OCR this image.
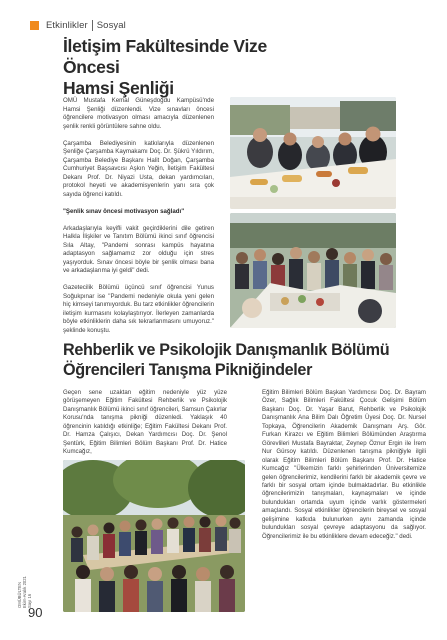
Etkinlikler Sosyal
İletişim Fakültesinde Vize Öncesi
Hamsi Şenliği

OMÜ Mustafa Kemal Güneşdoğdu Kampüsü'nde Hamsi Şenliği düzenlendi. Vize sınavları öncesi öğrencilere motivasyon olması amacıyla düzenlenen şenlik renkli görüntülere sahne oldu.

Çarşamba Belediyesinin katkılarıyla düzenlenen Şenliğe Çarşamba Kaymakamı Doç. Dr. Şükrü Yıldırım, Çarşamba Belediye Başkanı Halit Doğan, Çarşamba Cumhuriyet Başsavcısı Aşkın Yeğin, İletişim Fakültesi Dekanı Prof. Dr. Niyazi Usta, dekan yardımcıları, protokol heyeti ve akademisyenlerin yanı sıra çok sayıda öğrenci katıldı.

"Şenlik sınav öncesi motivasyon sağladı"

Arkadaşlarıyla keyifli vakit geçirdiklerini dile getiren Halkla İlişkiler ve Tanıtım Bölümü ikinci sınıf öğrencisi Sıla Altay, "Pandemi sonrası kampüs hayatına adaptasyon sağlamamız zor olduğu için stres yaşıyorduk. Sınav öncesi böyle bir şenlik olması bana ve arkadaşlarıma iyi geldi" dedi.

Gazetecilik Bölümü üçüncü sınıf öğrencisi Yunus Soğukpınar ise "Pandemi nedeniyle okula yeni gelen hiç kimseyi tanımıyorduk. Bu tarz etkinlikler öğrencilerin iletişim kurmasını kolaylaştırıyor. İlerleyen zamanlarda böyle etkinliklerin daha sık tekrarlanmasını umuyoruz." şeklinde konuştu.

Rehberlik ve Psikolojik Danışmanlık Bölümü
Öğrencileri Tanışma Pikniğindeler
Geçen sene uzaktan eğitim nedeniyle yüz yüze görüşemeyen Eğitim Fakültesi Rehberlik ve Psikolojik Danışmanlık Bölümü ikinci sınıf öğrencileri, Samsun Çakırlar Korusu'nda tanışma pikniği düzenledi. Yaklaşık 40 öğrencinin katıldığı etkinliğe; Eğitim Fakültesi Dekanı Prof. Dr. Hamza Çalışıcı, Dekan Yardımcısı Doç. Dr. Şenol Şentürk, Eğitim Bilimleri Bölüm Başkanı Prof. Dr. Hatice Kumcağız,
Eğitim Bilimleri Bölüm Başkan Yardımcısı Doç. Dr. Bayram Özer, Sağlık Bilimleri Fakültesi Çocuk Gelişimi Bölüm Başkanı Doç. Dr. Yaşar Barut, Rehberlik ve Psikolojik Danışmanlık Ana Bilim Dalı Öğretim Üyesi Doç. Dr. Nursel Topkaya, Öğrencilerin Akademik Danışmanı Arş. Gör. Furkan Kirazcı ve Eğitim Bilimleri Bölümünden Araştırma Görevlileri Mustafa Bayraktar, Zeynep Öznur Ergin ile İrem Nur Gürsoy katıldı. Düzenlenen tanışma pikniğiyle ilgili olarak Eğitim Bilimleri Bölüm Başkanı Prof. Dr. Hatice Kumcağız "Ülkemizin farklı şehirlerinden Üniversitemize gelen öğrencilerimiz, kendilerini farklı bir akademik çevre ve farklı bir sosyal ortam içinde bulmaktadırlar. Bu etkinlikle öğrencilerimizin tanışmaları, kaynaşmaları ve içinde bulundukları ortamda uyum içinde varlık göstermeleri amaçlandı. Sosyal etkinlikler öğrencilerin bireysel ve sosyal gelişimine katkıda bulunurken aynı zamanda içinde bulundukları sosyal çevreye adaptasyonu da sağlıyor. Öğrencilerimiz ile bu etkinliklere devam edeceğiz." dedi.
OMÜBÜLTEN
Ekim-Aralık 2021
Sayı 16
90
